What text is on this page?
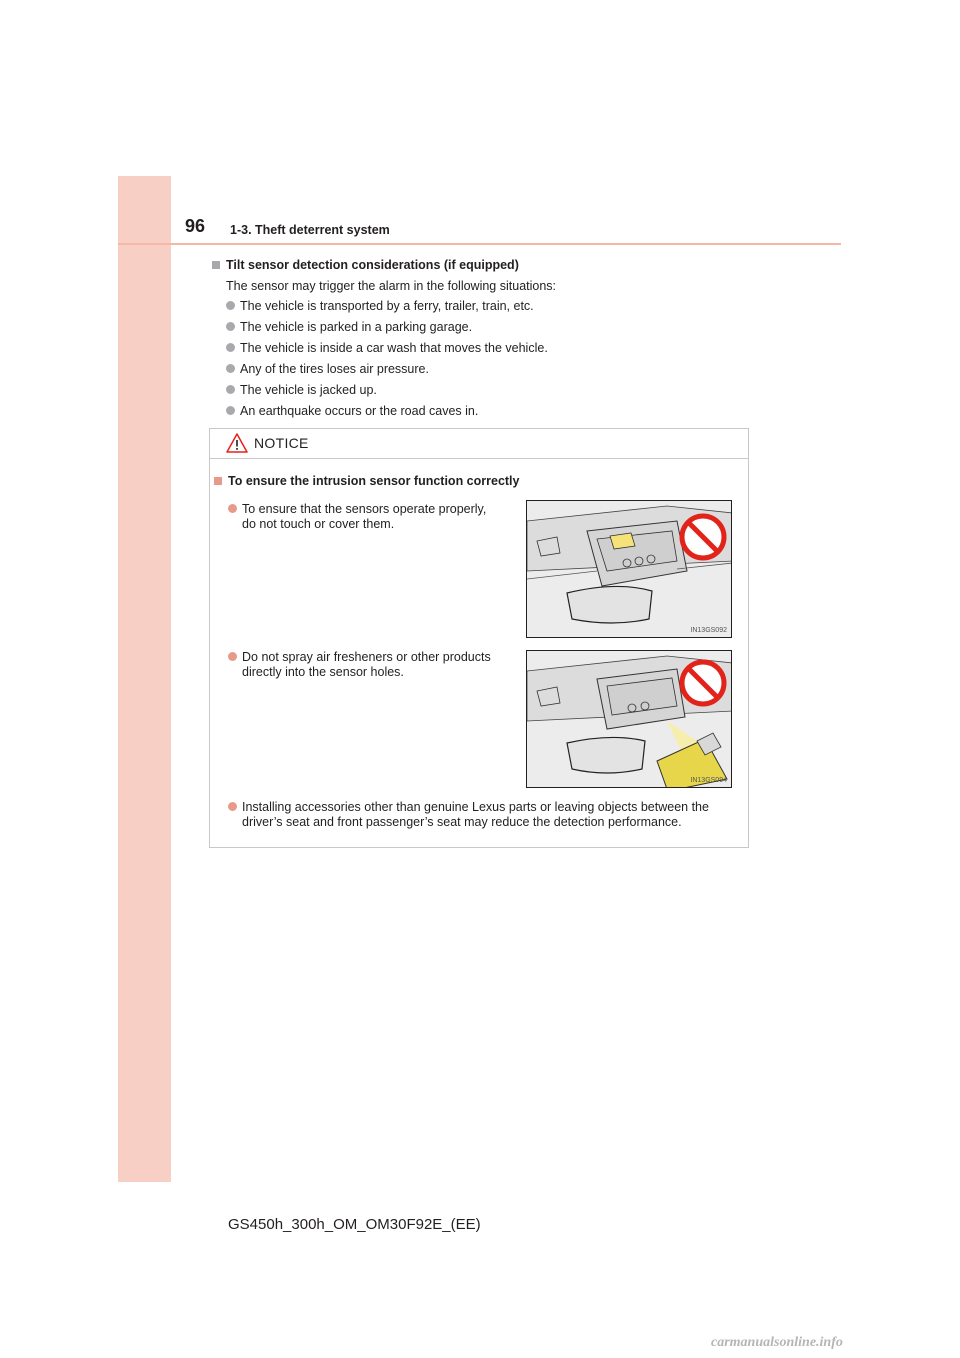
96 1-3. Theft deterrent system
Tilt sensor detection considerations (if equipped)
The sensor may trigger the alarm in the following situations:
The vehicle is transported by a ferry, trailer, train, etc.
The vehicle is parked in a parking garage.
The vehicle is inside a car wash that moves the vehicle.
Any of the tires loses air pressure.
The vehicle is jacked up.
An earthquake occurs or the road caves in.
NOTICE
To ensure the intrusion sensor function correctly
To ensure that the sensors operate properly,
do not touch or cover them.
Do not spray air fresheners or other products
directly into the sensor holes.
Installing accessories other than genuine Lexus parts or leaving objects between the
driver’s seat and front passenger’s seat may reduce the detection performance.
IN13GS092
IN13GS094
GS450h_300h_OM_OM30F92E_(EE)
carmanualsonline.info
